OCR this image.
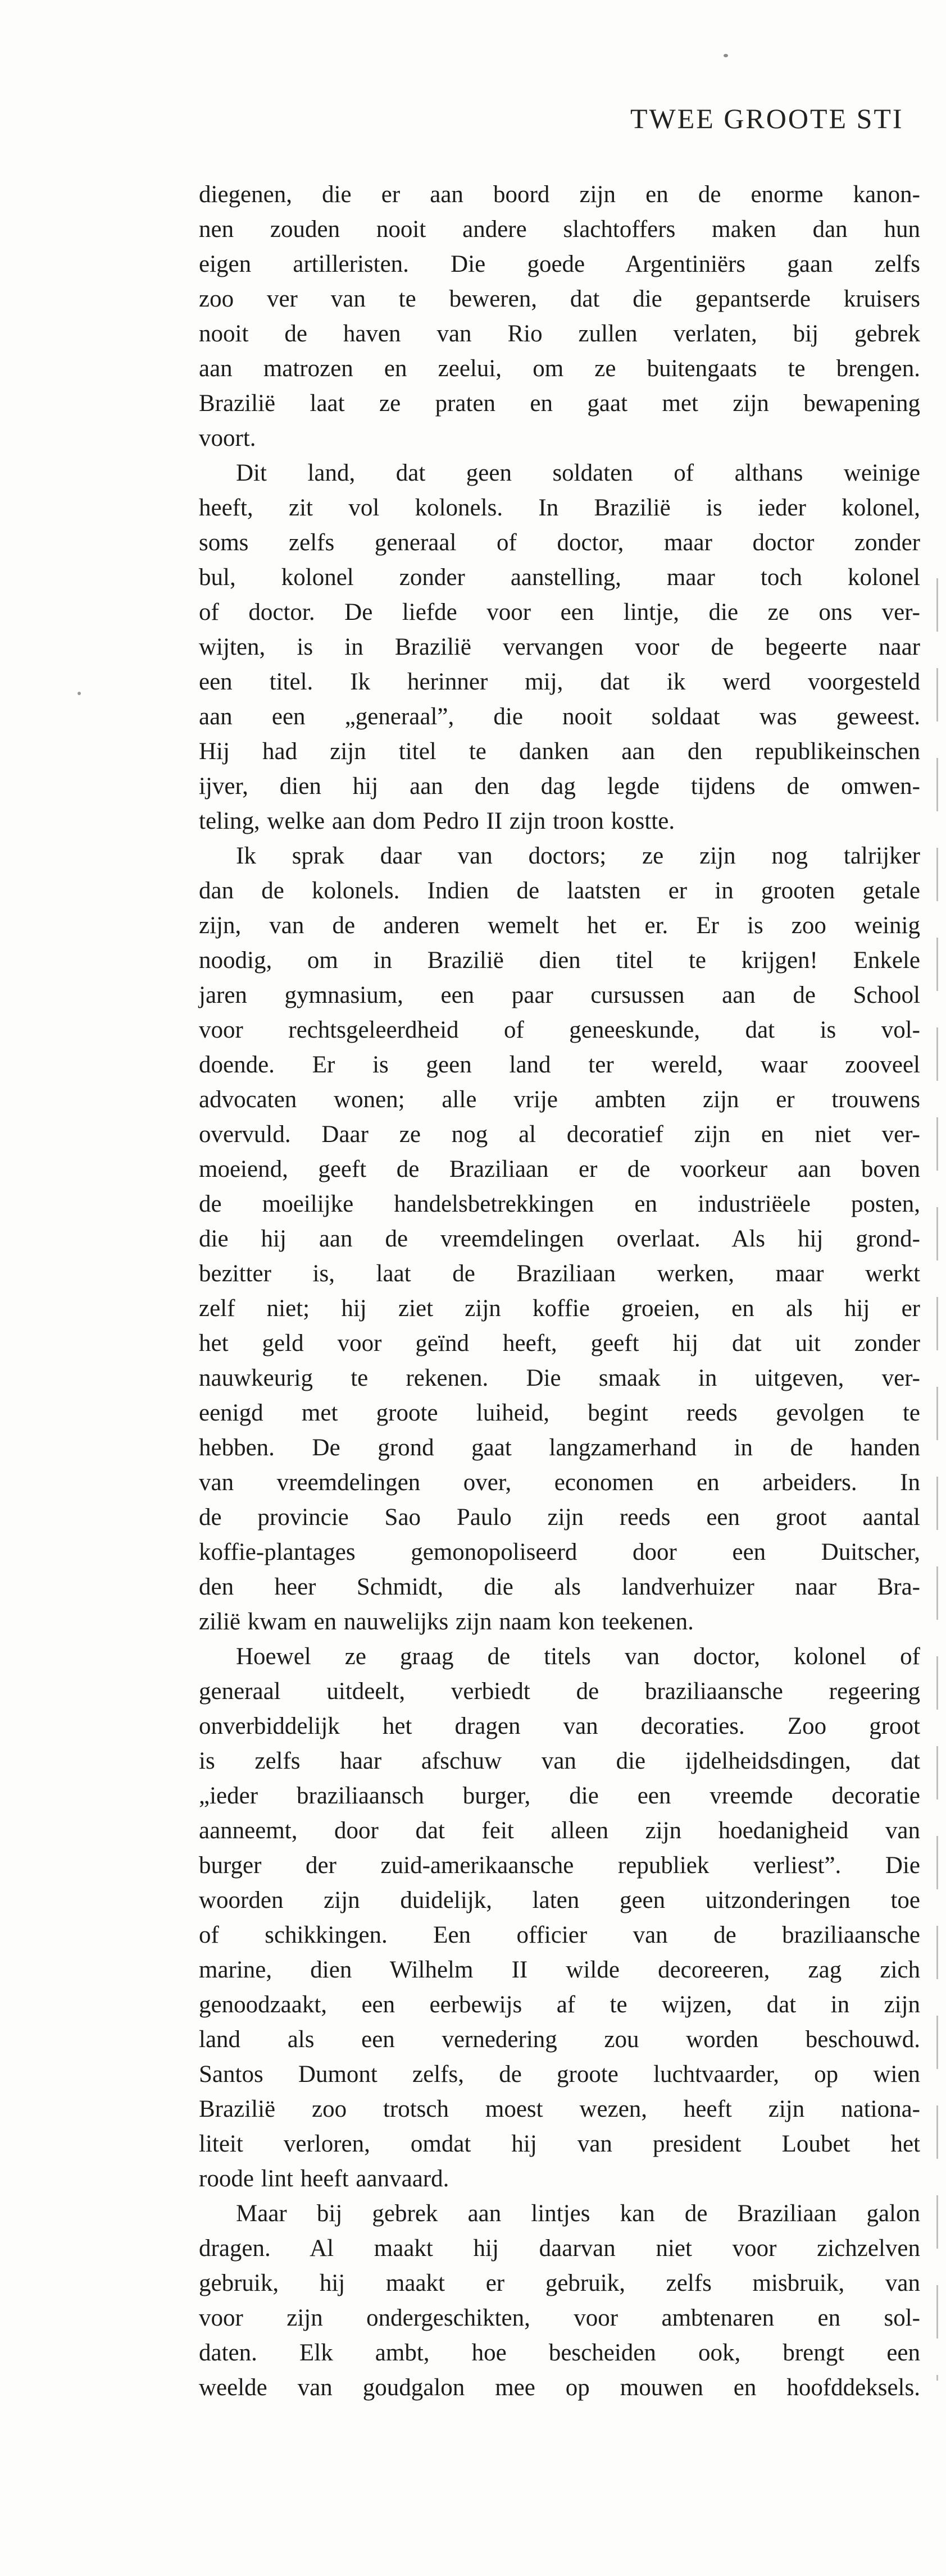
TWEE GROOTE STI
diegenen, die er aan boord zijn en de enorme kanon-
nen zouden nooit andere slachtoffers maken dan hun
eigen artilleristen. Die goede Argentiniërs gaan zelfs
zoo ver van te beweren, dat die gepantserde kruisers
nooit de haven van Rio zullen verlaten, bij gebrek
aan matrozen en zeelui, om ze buitengaats te brengen.
Brazilië laat ze praten en gaat met zijn bewapening
voort.
Dit land, dat geen soldaten of althans weinige
heeft, zit vol kolonels. In Brazilië is ieder kolonel,
soms zelfs generaal of doctor, maar doctor zonder
bul, kolonel zonder aanstelling, maar toch kolonel
of doctor. De liefde voor een lintje, die ze ons ver-
wijten, is in Brazilië vervangen voor de begeerte naar
een titel. Ik herinner mij, dat ik werd voorgesteld
aan een „generaal”, die nooit soldaat was geweest.
Hij had zijn titel te danken aan den republikeinschen
ijver, dien hij aan den dag legde tijdens de omwen-
teling, welke aan dom Pedro II zijn troon kostte.
Ik sprak daar van doctors; ze zijn nog talrijker
dan de kolonels. Indien de laatsten er in grooten getale
zijn, van de anderen wemelt het er. Er is zoo weinig
noodig, om in Brazilië dien titel te krijgen! Enkele
jaren gymnasium, een paar cursussen aan de School
voor rechtsgeleerdheid of geneeskunde, dat is vol-
doende. Er is geen land ter wereld, waar zooveel
advocaten wonen; alle vrije ambten zijn er trouwens
overvuld. Daar ze nog al decoratief zijn en niet ver-
moeiend, geeft de Braziliaan er de voorkeur aan boven
de moeilijke handelsbetrekkingen en industriëele posten,
die hij aan de vreemdelingen overlaat. Als hij grond-
bezitter is, laat de Braziliaan werken, maar werkt
zelf niet; hij ziet zijn koffie groeien, en als hij er
het geld voor geïnd heeft, geeft hij dat uit zonder
nauwkeurig te rekenen. Die smaak in uitgeven, ver-
eenigd met groote luiheid, begint reeds gevolgen te
hebben. De grond gaat langzamerhand in de handen
van vreemdelingen over, economen en arbeiders. In
de provincie Sao Paulo zijn reeds een groot aantal
koffie-plantages gemonopoliseerd door een Duitscher,
den heer Schmidt, die als landverhuizer naar Bra-
zilië kwam en nauwelijks zijn naam kon teekenen.
Hoewel ze graag de titels van doctor, kolonel of
generaal uitdeelt, verbiedt de braziliaansche regeering
onverbiddelijk het dragen van decoraties. Zoo groot
is zelfs haar afschuw van die ijdelheidsdingen, dat
„ieder braziliaansch burger, die een vreemde decoratie
aanneemt, door dat feit alleen zijn hoedanigheid van
burger der zuid-amerikaansche republiek verliest”. Die
woorden zijn duidelijk, laten geen uitzonderingen toe
of schikkingen. Een officier van de braziliaansche
marine, dien Wilhelm II wilde decoreeren, zag zich
genoodzaakt, een eerbewijs af te wijzen, dat in zijn
land als een vernedering zou worden beschouwd.
Santos Dumont zelfs, de groote luchtvaarder, op wien
Brazilië zoo trotsch moest wezen, heeft zijn nationa-
liteit verloren, omdat hij van president Loubet het
roode lint heeft aanvaard.
Maar bij gebrek aan lintjes kan de Braziliaan galon
dragen. Al maakt hij daarvan niet voor zichzelven
gebruik, hij maakt er gebruik, zelfs misbruik, van
voor zijn ondergeschikten, voor ambtenaren en sol-
daten. Elk ambt, hoe bescheiden ook, brengt een
weelde van goudgalon mee op mouwen en hoofddeksels.
